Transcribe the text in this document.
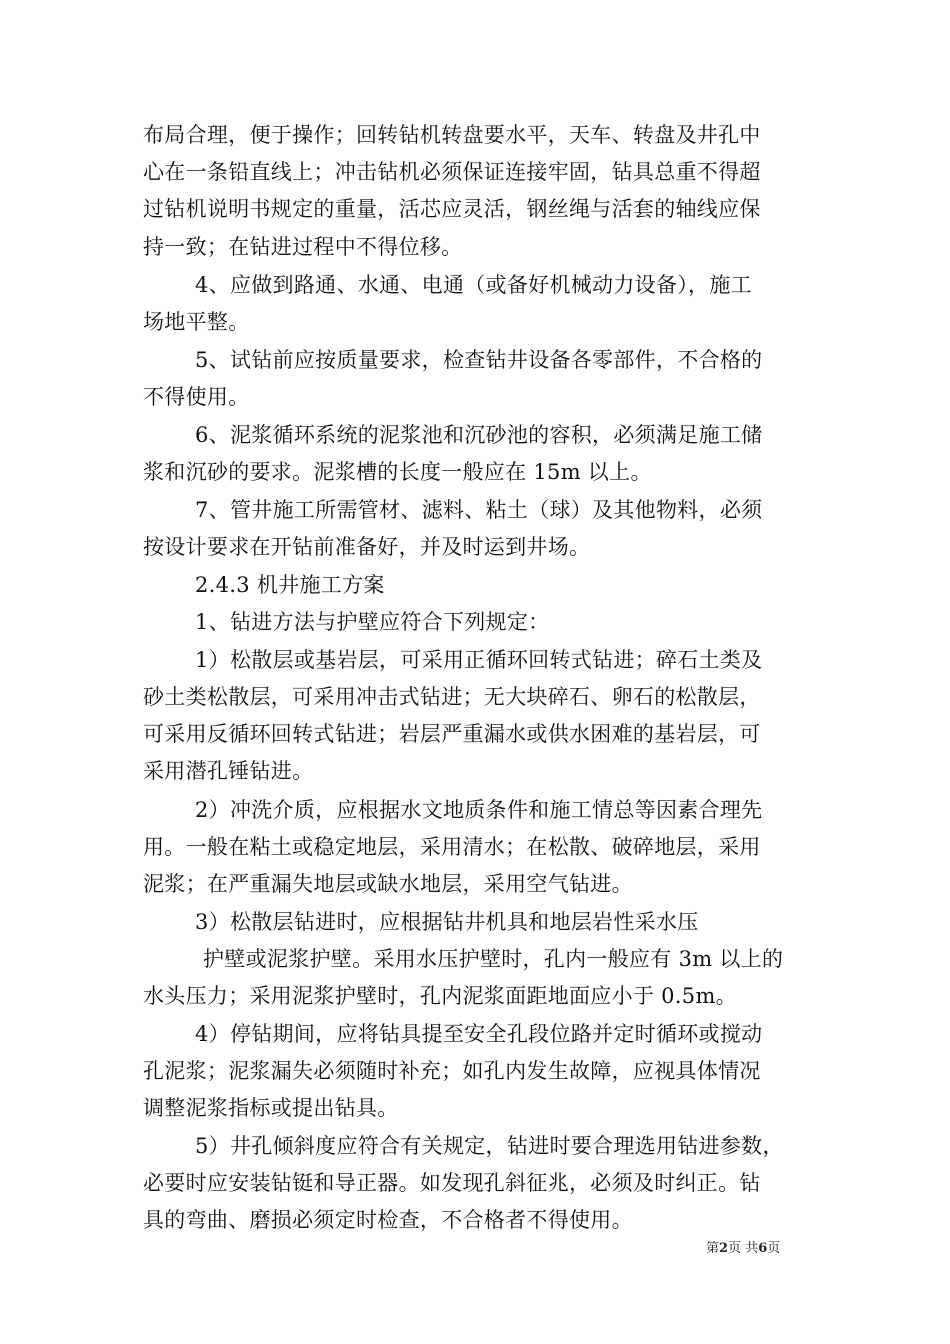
布局合理，便于操作；回转钻机转盘要水平，天车、转盘及井孔中
心在一条铅直线上；冲击钻机必须保证连接牢固，钻具总重不得超
过钻机说明书规定的重量，活芯应灵活，钢丝绳与活套的轴线应保
持一致；在钻进过程中不得位移。
4、应做到路通、水通、电通（或备好机械动力设备），施工
场地平整。
5、试钻前应按质量要求，检查钻井设备各零部件，不合格的
不得使用。
6、泥浆循环系统的泥浆池和沉砂池的容积，必须满足施工储
浆和沉砂的要求。泥浆槽的长度一般应在 15m 以上。
7、管井施工所需管材、滤料、粘土（球）及其他物料，必须
按设计要求在开钻前准备好，并及时运到井场。
2.4.3 机井施工方案
1、钻进方法与护壁应符合下列规定：
1）松散层或基岩层，可采用正循环回转式钻进；碎石土类及
砂土类松散层，可采用冲击式钻进；无大块碎石、卵石的松散层，
可采用反循环回转式钻进；岩层严重漏水或供水困难的基岩层，可
采用潜孔锤钻进。
2）冲洗介质，应根据水文地质条件和施工情总等因素合理先
用。一般在粘土或稳定地层，采用清水；在松散、破碎地层，采用
泥浆；在严重漏失地层或缺水地层，采用空气钻进。
3）松散层钻进时，应根据钻井机具和地层岩性采水压
护壁或泥浆护壁。采用水压护壁时，孔内一般应有 3m 以上的
水头压力；采用泥浆护壁时，孔内泥浆面距地面应小于 0.5m。
4）停钻期间，应将钻具提至安全孔段位路并定时循环或搅动
孔泥浆；泥浆漏失必须随时补充；如孔内发生故障，应视具体情况
调整泥浆指标或提出钻具。
5）井孔倾斜度应符合有关规定，钻进时要合理选用钻进参数，
必要时应安装钻铤和导正器。如发现孔斜征兆，必须及时纠正。钻
具的弯曲、磨损必须定时检查，不合格者不得使用。
第2页 共6页
